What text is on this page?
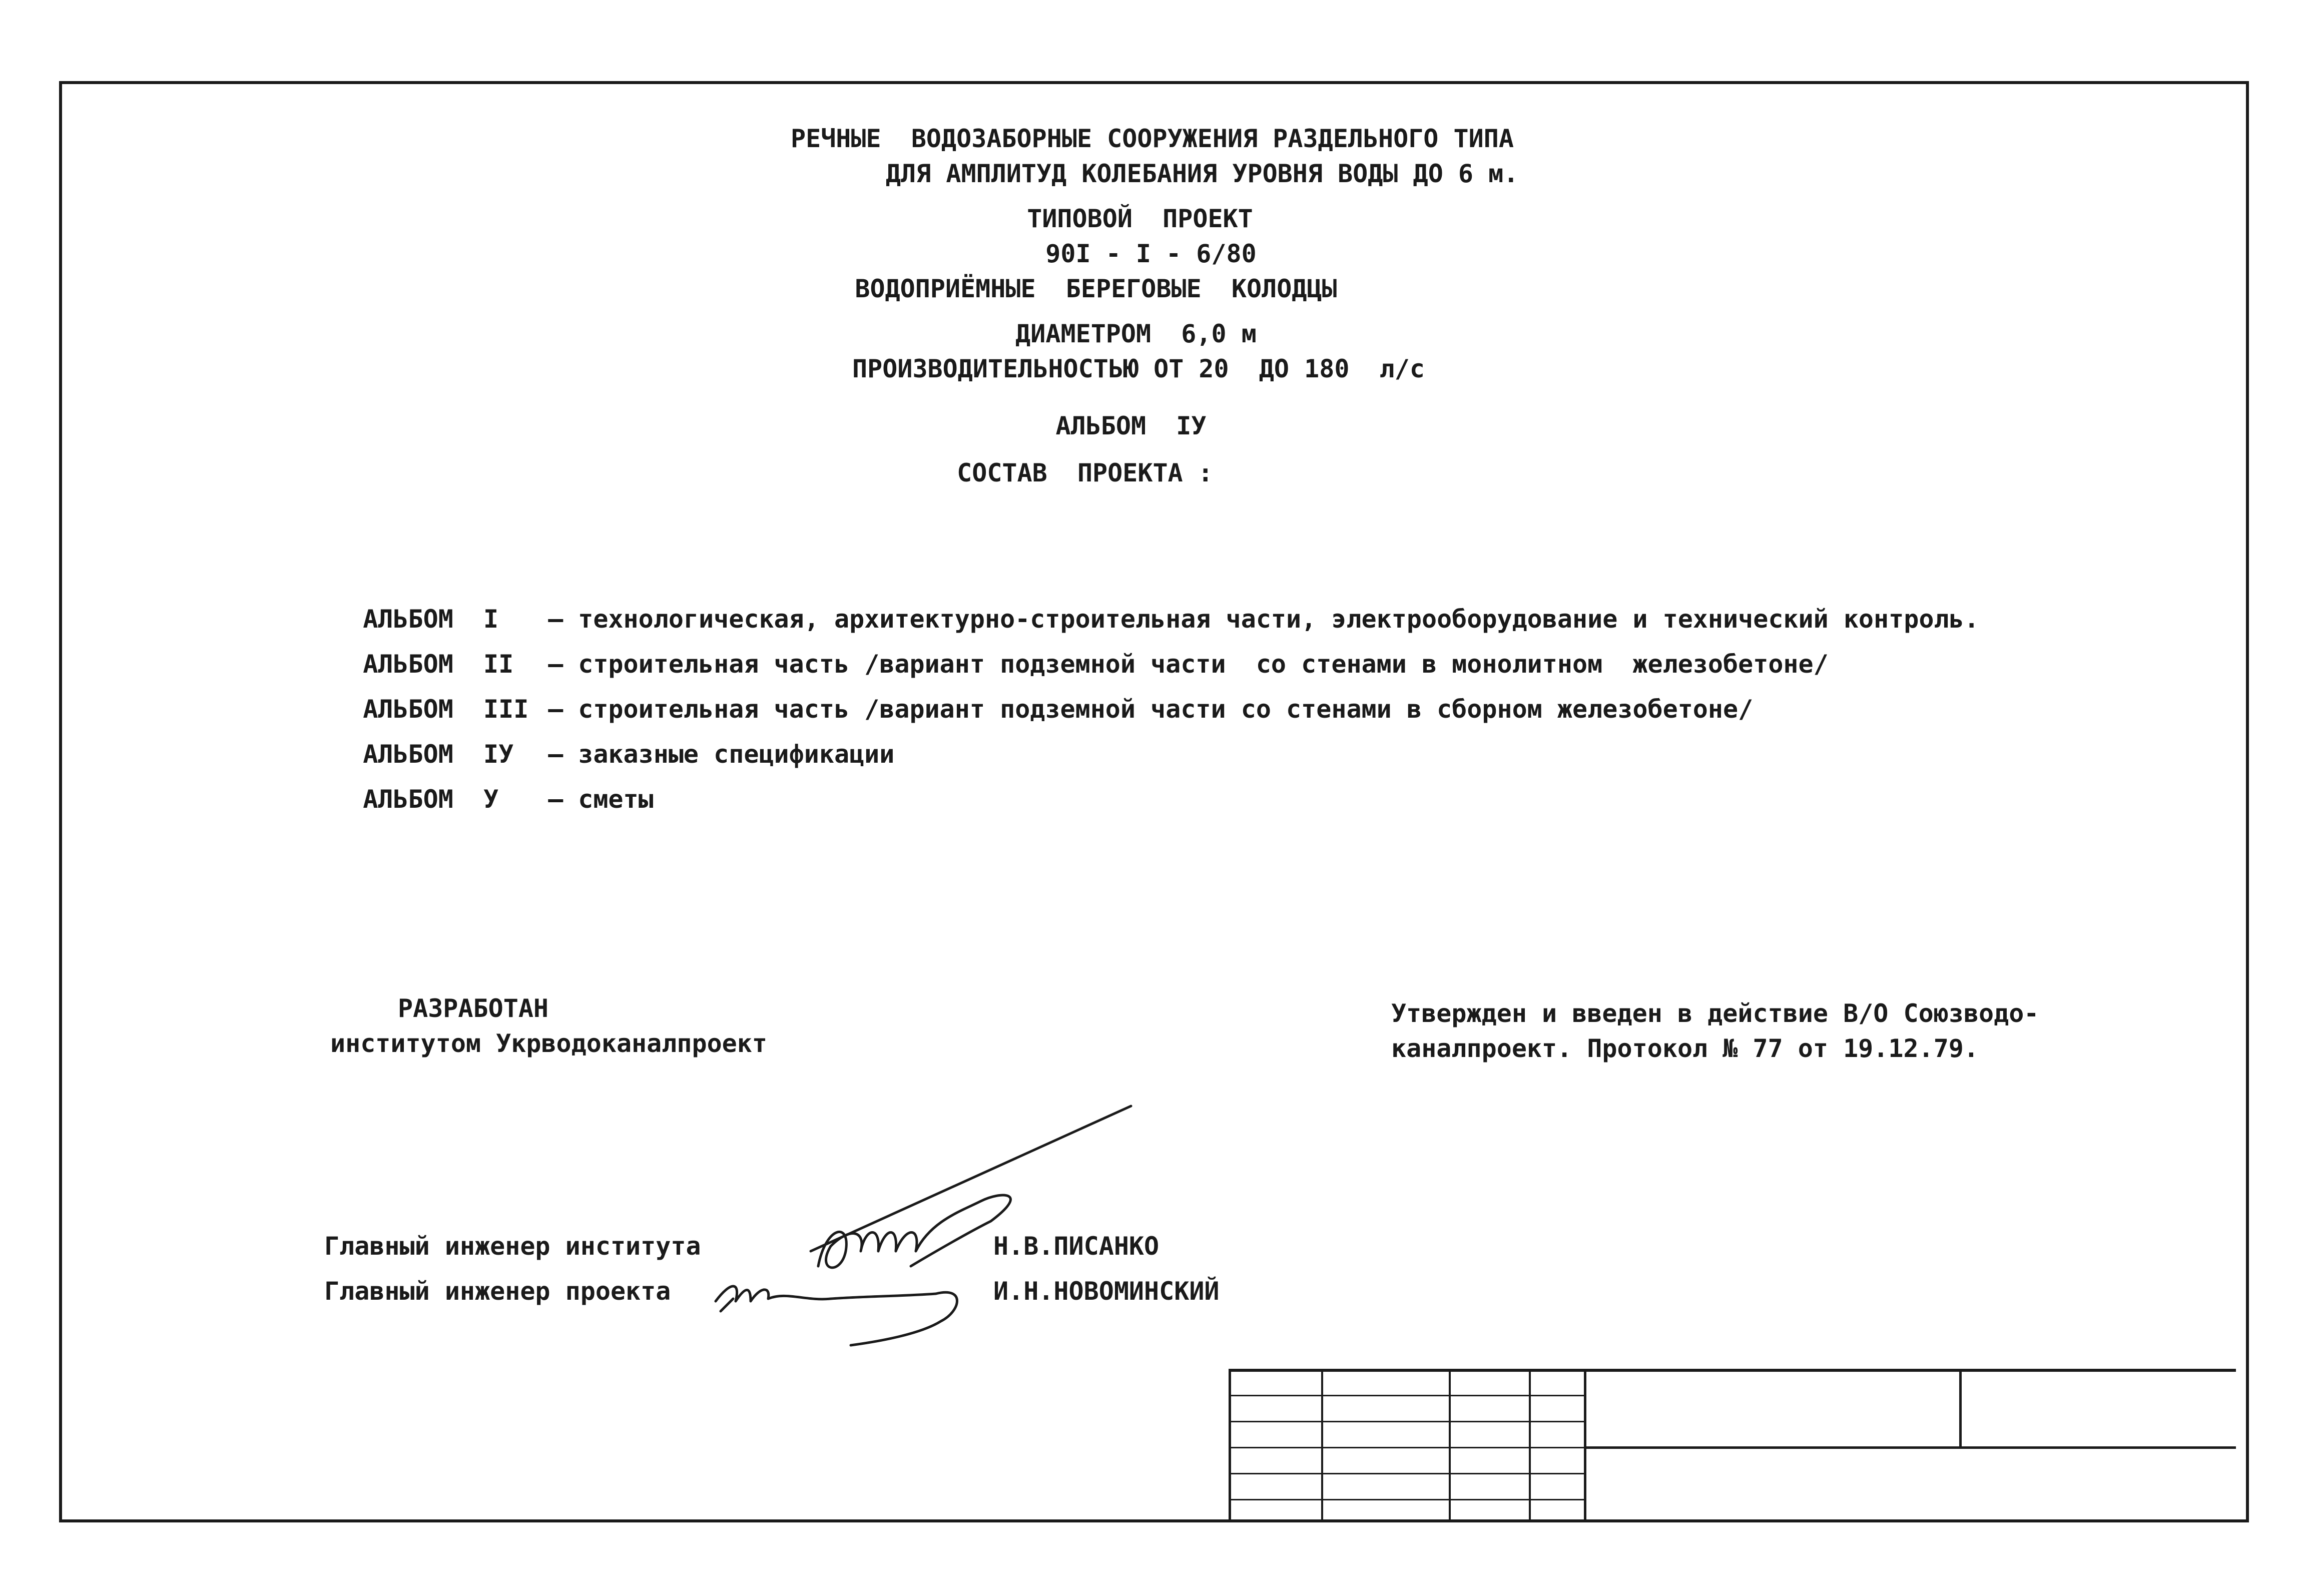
РЕЧНЫЕ  ВОДОЗАБОРНЫЕ СООРУЖЕНИЯ РАЗДЕЛЬНОГО ТИПА
ДЛЯ АМПЛИТУД КОЛЕБАНИЯ УРОВНЯ ВОДЫ ДО 6 м.
ТИПОВОЙ  ПРОЕКТ
90I - I - 6/80
ВОДОПРИЁМНЫЕ  БЕРЕГОВЫЕ  КОЛОДЦЫ
ДИАМЕТРОМ  6,0 м
ПРОИЗВОДИТЕЛЬНОСТЬЮ ОТ 20  ДО 180  л/с
АЛЬБОМ  IУ
СОСТАВ  ПРОЕКТА :

АЛЬБОМ  I – технологическая, архитектурно-строительная части, электрооборудование и технический контроль.

АЛЬБОМ  II – строительная часть /вариант подземной части  со стенами в монолитном  железобетоне/

АЛЬБОМ  III – строительная часть /вариант подземной части со стенами в сборном железобетоне/

АЛЬБОМ  IУ – заказные спецификации

АЛЬБОМ  У – сметы

РАЗРАБОТАН
институтом Укрводоканалпроект
Утвержден и введен в действие В/О Союзводо-
каналпроект. Протокол № 77 от 19.12.79.
Главный инженер института
Главный инженер проекта
Н.В.ПИСАНКО
И.Н.НОВОМИНСКИЙ
